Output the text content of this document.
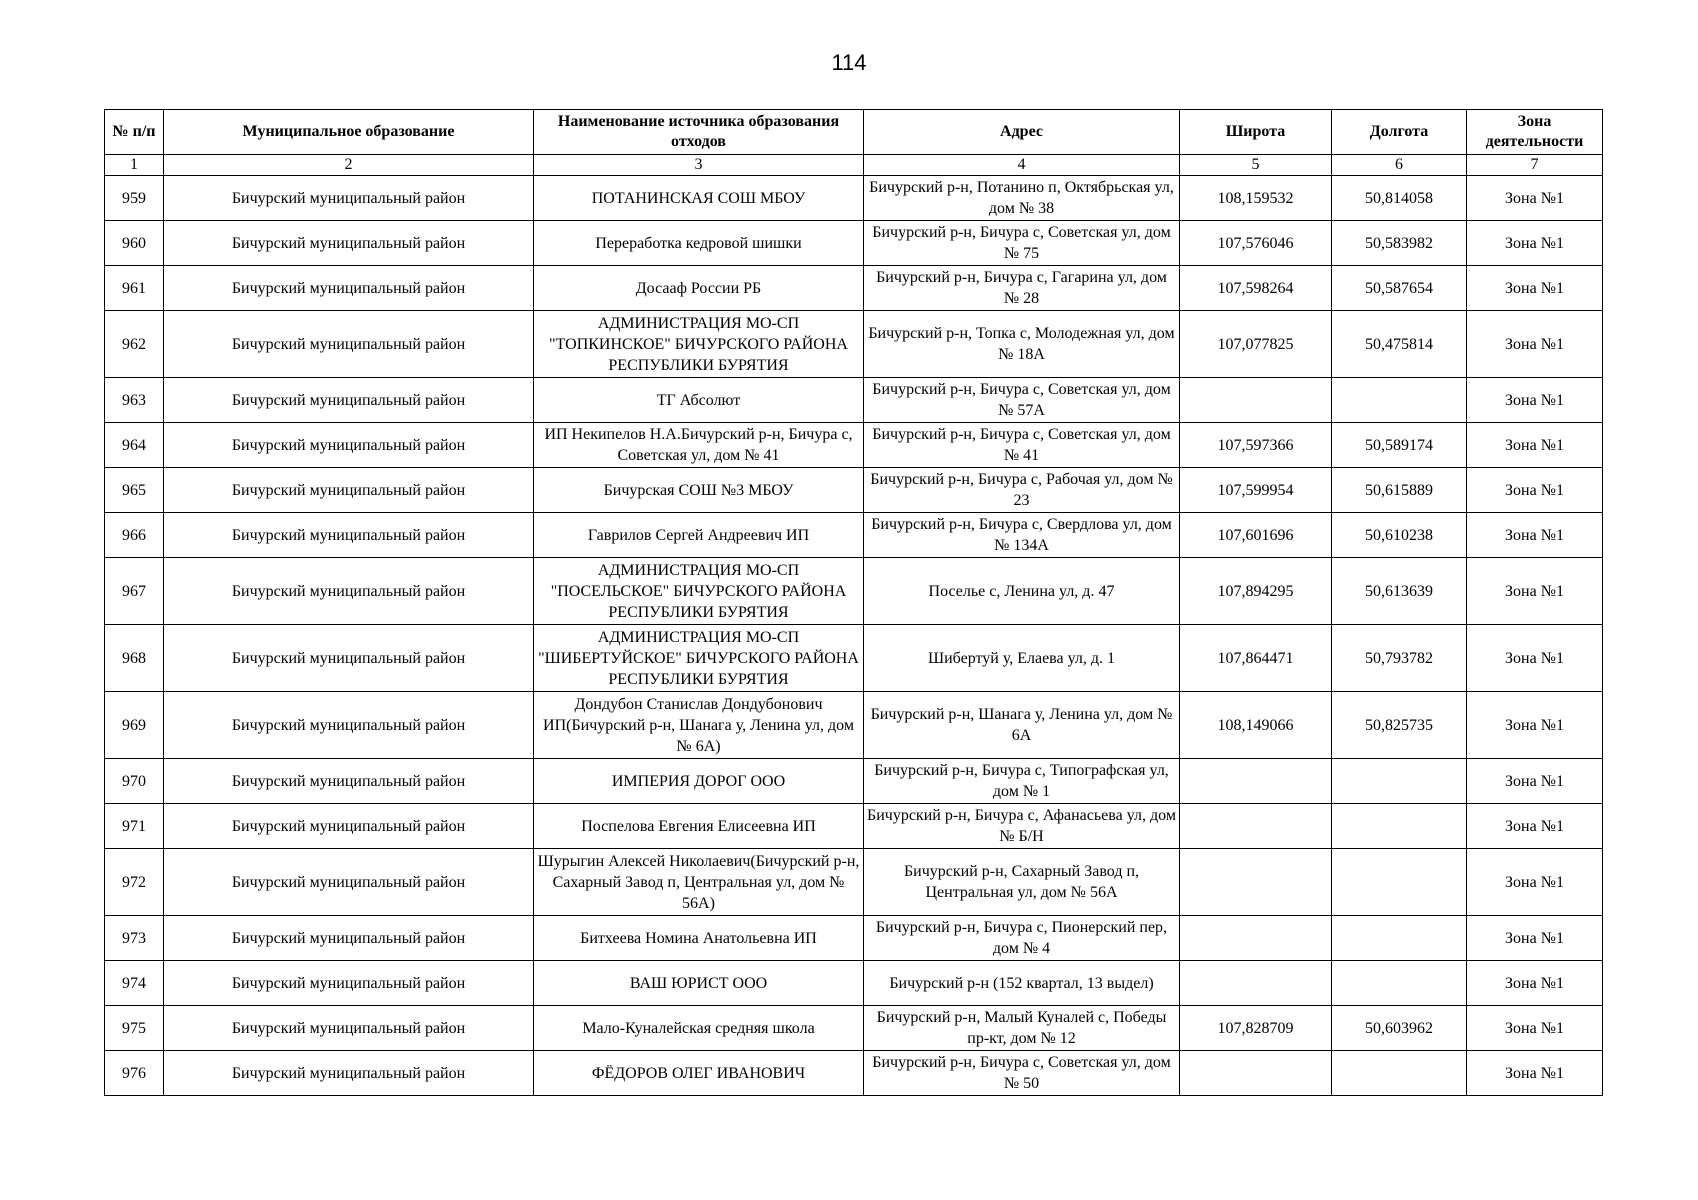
114
№ п/п	Муниципальное образование	Наименование источника образования отходов	Адрес	Широта	Долгота	Зона деятельности
1	2	3	4	5	6	7
959	Бичурский муниципальный район	ПОТАНИНСКАЯ СОШ МБОУ	Бичурский р-н, Потанино п, Октябрьская ул, дом № 38	108,159532	50,814058	Зона №1
960	Бичурский муниципальный район	Переработка кедровой шишки	Бичурский р-н, Бичура с, Советская ул, дом № 75	107,576046	50,583982	Зона №1
961	Бичурский муниципальный район	Досааф России РБ	Бичурский р-н, Бичура с, Гагарина ул, дом № 28	107,598264	50,587654	Зона №1
962	Бичурский муниципальный район	АДМИНИСТРАЦИЯ МО-СП "ТОПКИНСКОЕ" БИЧУРСКОГО РАЙОНА РЕСПУБЛИКИ БУРЯТИЯ	Бичурский р-н, Топка с, Молодежная ул, дом № 18А	107,077825	50,475814	Зона №1
963	Бичурский муниципальный район	ТГ Абсолют	Бичурский р-н, Бичура с, Советская ул, дом № 57А			Зона №1
964	Бичурский муниципальный район	ИП Некипелов Н.А.Бичурский р-н, Бичура с, Советская ул, дом № 41	Бичурский р-н, Бичура с, Советская ул, дом № 41	107,597366	50,589174	Зона №1
965	Бичурский муниципальный район	Бичурская СОШ №3 МБОУ	Бичурский р-н, Бичура с, Рабочая ул, дом № 23	107,599954	50,615889	Зона №1
966	Бичурский муниципальный район	Гаврилов Сергей Андреевич ИП	Бичурский р-н, Бичура с, Свердлова ул, дом № 134А	107,601696	50,610238	Зона №1
967	Бичурский муниципальный район	АДМИНИСТРАЦИЯ МО-СП "ПОСЕЛЬСКОЕ" БИЧУРСКОГО РАЙОНА РЕСПУБЛИКИ БУРЯТИЯ	Поселье с, Ленина ул, д. 47	107,894295	50,613639	Зона №1
968	Бичурский муниципальный район	АДМИНИСТРАЦИЯ МО-СП "ШИБЕРТУЙСКОЕ" БИЧУРСКОГО РАЙОНА РЕСПУБЛИКИ БУРЯТИЯ	Шибертуй у, Елаева ул, д. 1	107,864471	50,793782	Зона №1
969	Бичурский муниципальный район	Дондубон Станислав Дондубонович ИП(Бичурский р-н, Шанага у, Ленина ул, дом № 6А)	Бичурский р-н, Шанага у, Ленина ул, дом № 6А	108,149066	50,825735	Зона №1
970	Бичурский муниципальный район	ИМПЕРИЯ ДОРОГ ООО	Бичурский р-н, Бичура с, Типографская ул, дом № 1			Зона №1
971	Бичурский муниципальный район	Поспелова Евгения Елисеевна ИП	Бичурский р-н, Бичура с, Афанасьева ул, дом № Б/Н			Зона №1
972	Бичурский муниципальный район	Шурыгин Алексей Николаевич(Бичурский р-н, Сахарный Завод п, Центральная ул, дом № 56А)	Бичурский р-н, Сахарный Завод п, Центральная ул, дом № 56А			Зона №1
973	Бичурский муниципальный район	Битхеева Номина Анатольевна ИП	Бичурский р-н, Бичура с, Пионерский пер, дом № 4			Зона №1
974	Бичурский муниципальный район	ВАШ ЮРИСТ ООО	Бичурский р-н (152 квартал, 13 выдел)			Зона №1
975	Бичурский муниципальный район	Мало-Куналейская средняя школа	Бичурский р-н, Малый Куналей с, Победы пр-кт, дом № 12	107,828709	50,603962	Зона №1
976	Бичурский муниципальный район	ФЁДОРОВ ОЛЕГ ИВАНОВИЧ	Бичурский р-н, Бичура с, Советская ул, дом № 50			Зона №1
